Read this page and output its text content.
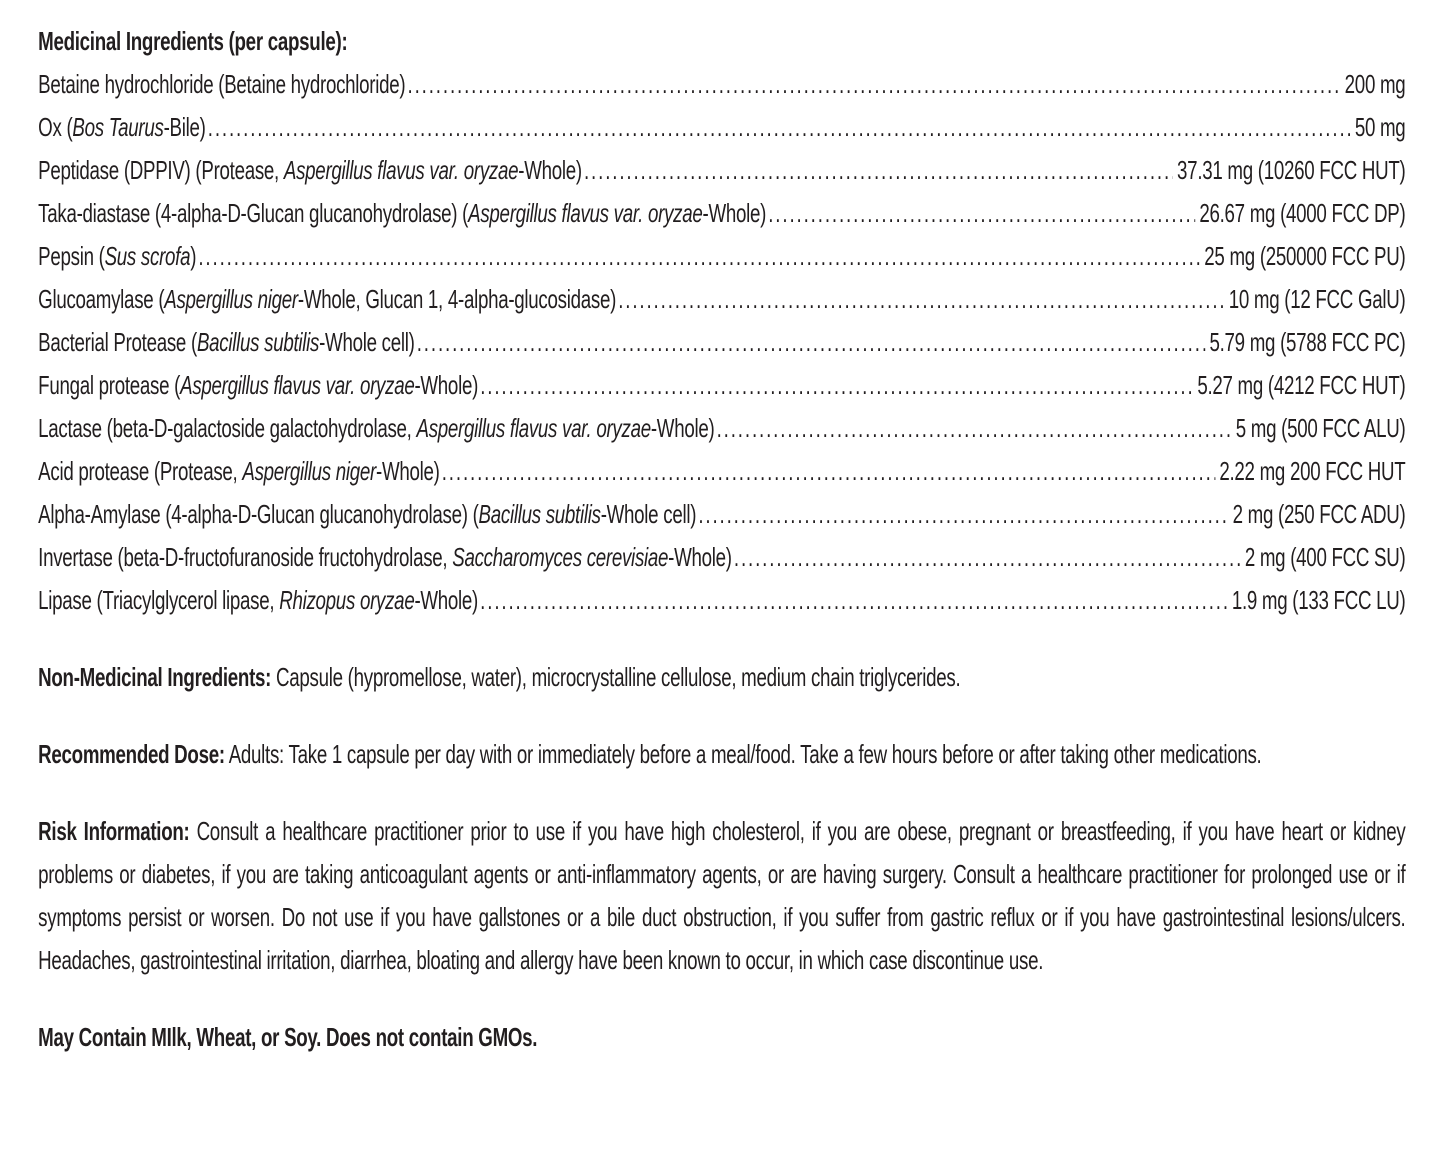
Medicinal Ingredients (per capsule):
Betaine hydrochloride (Betaine hydrochloride) .....	200 mg
Ox (Bos Taurus-Bile) .....	50 mg
Peptidase (DPPIV) (Protease, Aspergillus flavus var. oryzae-Whole) .....	37.31 mg (10260 FCC HUT)
Taka-diastase (4-alpha-D-Glucan glucanohydrolase) (Aspergillus flavus var. oryzae-Whole) .....	26.67 mg (4000 FCC DP)
Pepsin (Sus scrofa) .....	25 mg (250000 FCC PU)
Glucoamylase (Aspergillus niger-Whole, Glucan 1, 4-alpha-glucosidase) .....	10 mg (12 FCC GalU)
Bacterial Protease (Bacillus subtilis-Whole cell) .....	5.79 mg (5788 FCC PC)
Fungal protease (Aspergillus flavus var. oryzae-Whole) .....	5.27 mg (4212 FCC HUT)
Lactase (beta-D-galactoside galactohydrolase, Aspergillus flavus var. oryzae-Whole) .....	5 mg (500 FCC ALU)
Acid protease (Protease, Aspergillus niger-Whole) .....	2.22 mg 200 FCC HUT
Alpha-Amylase (4-alpha-D-Glucan glucanohydrolase) (Bacillus subtilis-Whole cell) .....	2 mg (250 FCC ADU)
Invertase (beta-D-fructofuranoside fructohydrolase, Saccharomyces cerevisiae-Whole) .....	2 mg (400 FCC SU)
Lipase (Triacylglycerol lipase, Rhizopus oryzae-Whole) .....	1.9 mg (133 FCC LU)

Non-Medicinal Ingredients: Capsule (hypromellose, water), microcrystalline cellulose, medium chain triglycerides.

Recommended Dose: Adults: Take 1 capsule per day with or immediately before a meal/food. Take a few hours before or after taking other medications.

Risk Information: Consult a healthcare practitioner prior to use if you have high cholesterol, if you are obese, pregnant or breastfeeding, if you have heart or kidney problems or diabetes, if you are taking anticoagulant agents or anti-inflammatory agents, or are having surgery. Consult a healthcare practitioner for prolonged use or if symptoms persist or worsen. Do not use if you have gallstones or a bile duct obstruction, if you suffer from gastric reflux or if you have gastrointestinal lesions/ulcers. Headaches, gastrointestinal irritation, diarrhea, bloating and allergy have been known to occur, in which case discontinue use.

May Contain MIlk, Wheat, or Soy. Does not contain GMOs.
